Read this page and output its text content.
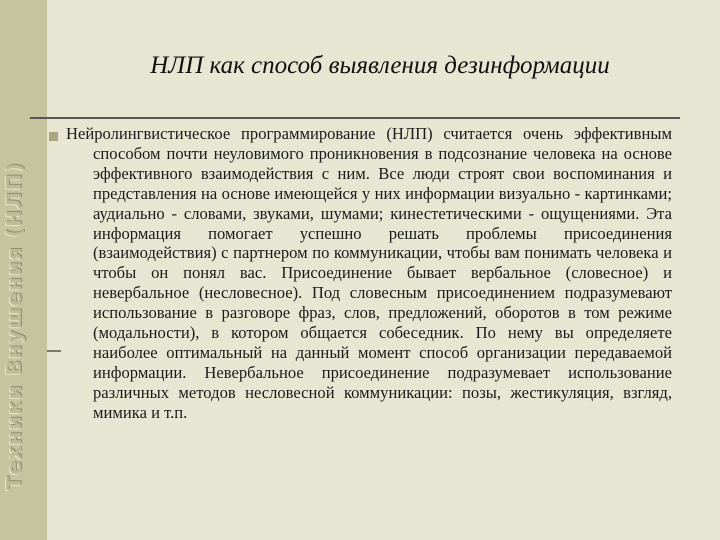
Техники Внушения (НЛП)
НЛП как способ выявления дезинформации
Нейролингвистическое программирование (НЛП) считается очень эффективным способом почти неуловимого проникновения в подсознание человека на основе эффективного взаимодействия с ним. Все люди строят свои воспоминания и представления на основе имеющейся у них информации визуально - картинками; аудиально - словами, звуками, шумами; кинестетическими - ощущениями. Эта информация помогает успешно решать проблемы присоединения (взаимодействия) с партнером по коммуникации, чтобы вам понимать человека и чтобы он понял вас. Присоединение бывает вербальное (словесное) и невербальное (несловесное). Под словесным присоединением подразумевают использование в разговоре фраз, слов, предложений, оборотов в том режиме (модальности), в котором общается собеседник. По нему вы определяете наиболее оптимальный на данный момент способ организации передаваемой информации. Невербальное присоединение подразумевает использование различных методов несловесной коммуникации: позы, жестикуляция, взгляд, мимика и т.п.
